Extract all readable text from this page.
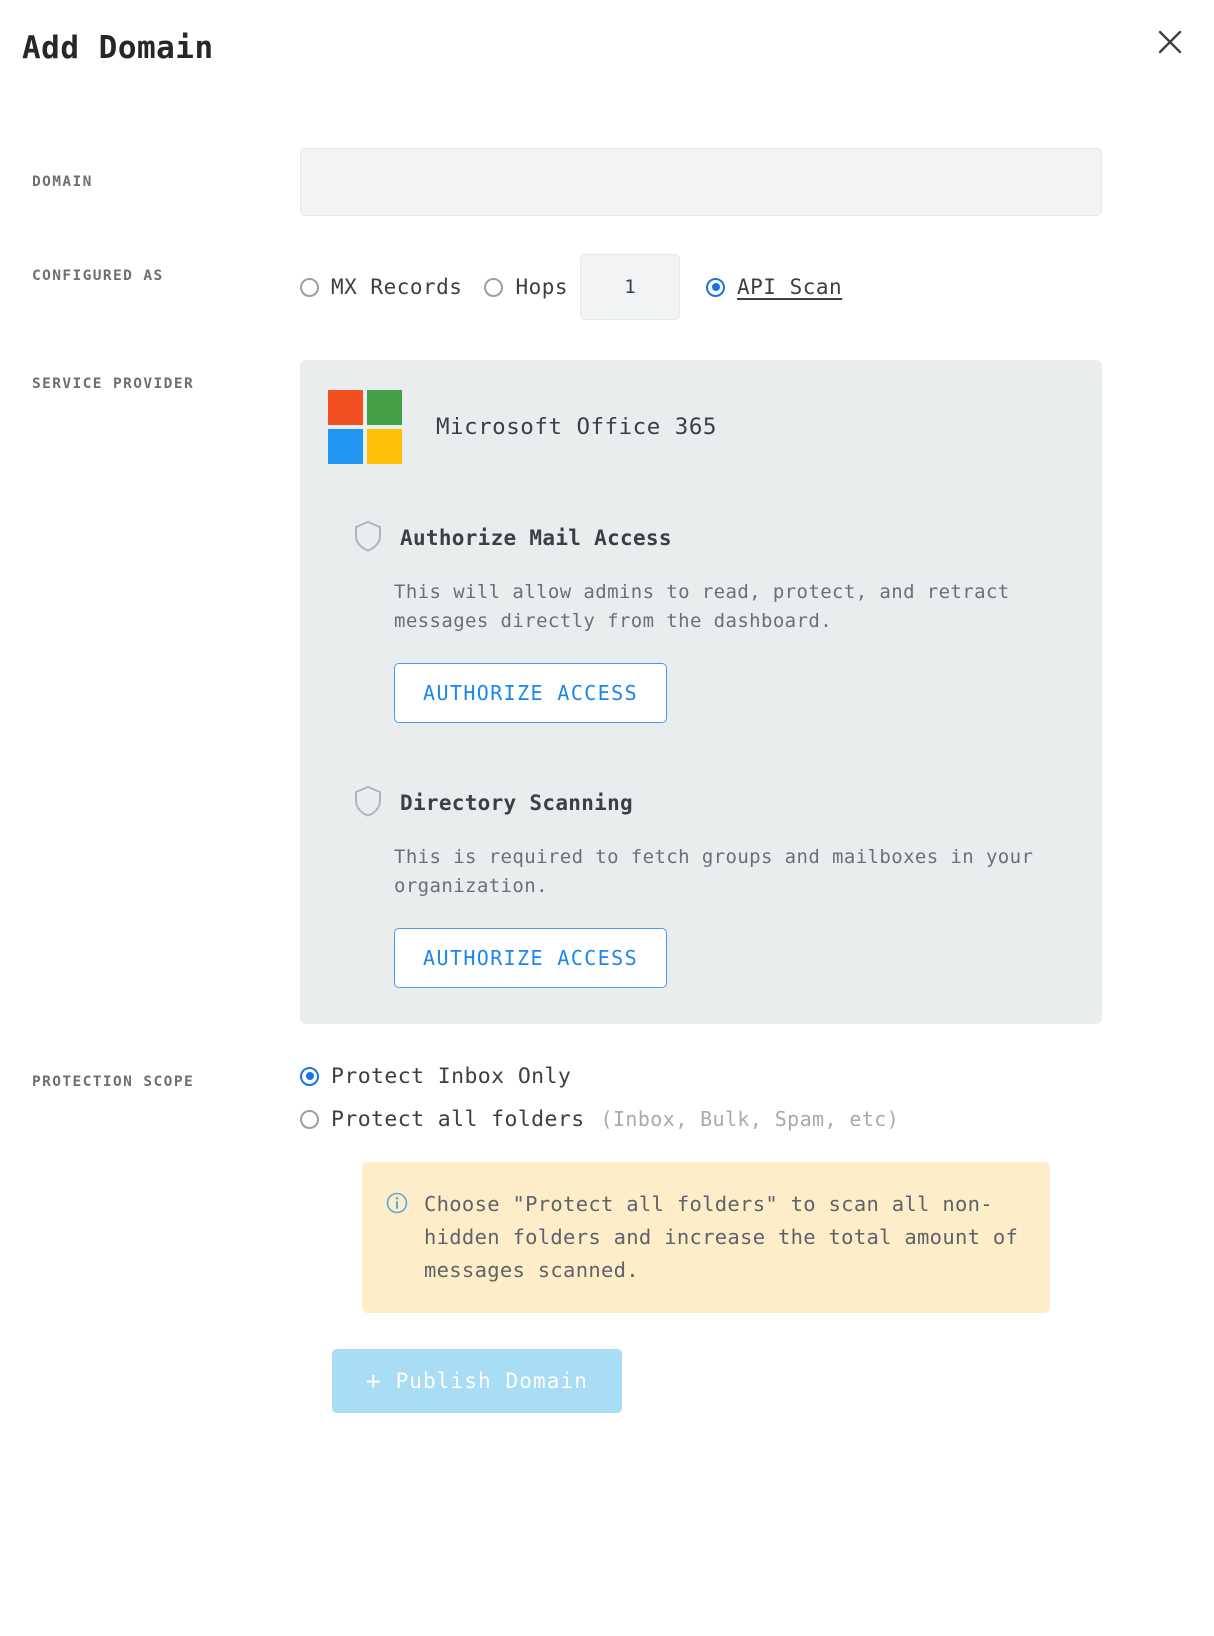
Add Domain
DOMAIN
CONFIGURED AS	MX Records	Hops
1	API Scan
SERVICE PROVIDER
Microsoft Office 365
Authorize Mail Access

This will allow admins to read, protect, and retract messages directly from the dashboard.

AUTHORIZE ACCESS
Directory Scanning

This is required to fetch groups and mailboxes in your organization.

AUTHORIZE ACCESS
PROTECTION SCOPE	Protect Inbox Only
Protect all folders (Inbox, Bulk, Spam, etc)
Choose "Protect all folders" to scan all non-hidden folders and increase the total amount of messages scanned.
+ Publish Domain
